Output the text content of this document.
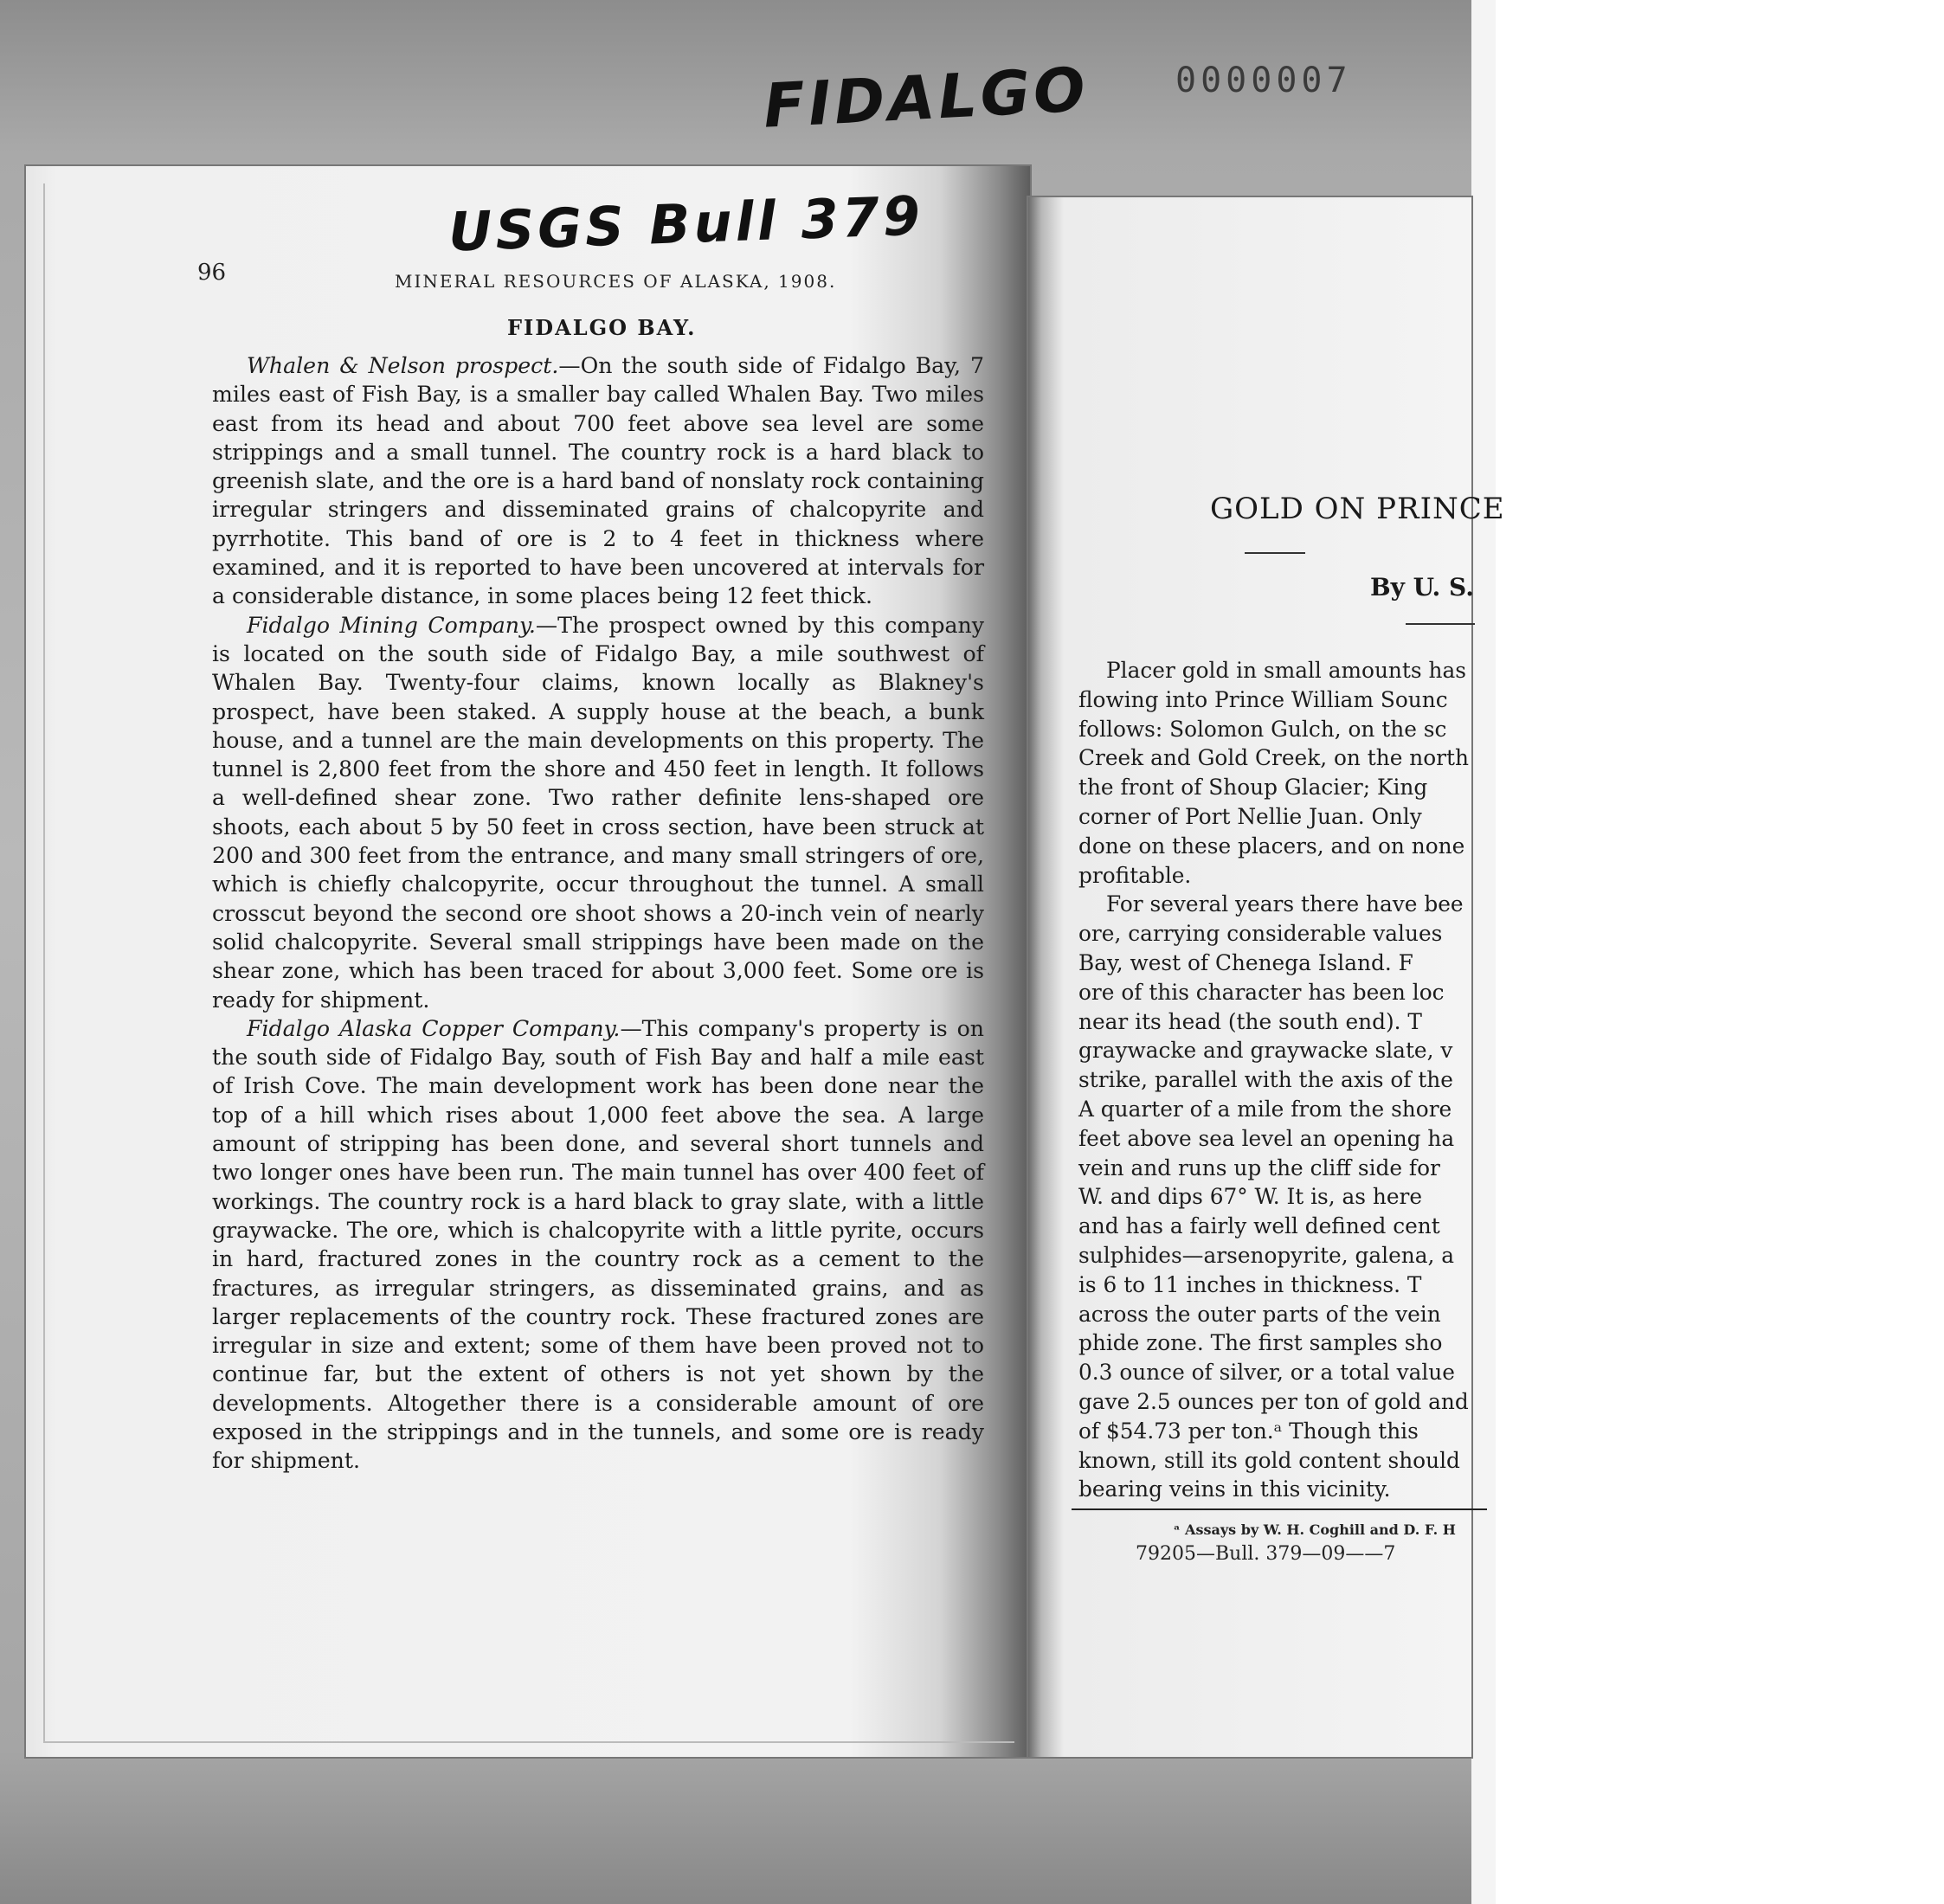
FIDALGO 0000007
USGS Bull 379
96	MINERAL RESOURCES OF ALASKA, 1908.
FIDALGO BAY.

Whalen & Nelson prospect.—On the south side of Fidalgo Bay, 7 miles east of Fish Bay, is a smaller bay called Whalen Bay. Two miles east from its head and about 700 feet above sea level are some strippings and a small tunnel. The country rock is a hard black to greenish slate, and the ore is a hard band of nonslaty rock containing irregular stringers and disseminated grains of chalcopyrite and pyrrhotite. This band of ore is 2 to 4 feet in thickness where examined, and it is reported to have been uncovered at intervals for a considerable distance, in some places being 12 feet thick.

Fidalgo Mining Company.—The prospect owned by this company is located on the south side of Fidalgo Bay, a mile southwest of Whalen Bay. Twenty-four claims, known locally as Blakney's prospect, have been staked. A supply house at the beach, a bunk house, and a tunnel are the main developments on this property. The tunnel is 2,800 feet from the shore and 450 feet in length. It follows a well-defined shear zone. Two rather definite lens-shaped ore shoots, each about 5 by 50 feet in cross section, have been struck at 200 and 300 feet from the entrance, and many small stringers of ore, which is chiefly chalcopyrite, occur throughout the tunnel. A small crosscut beyond the second ore shoot shows a 20-inch vein of nearly solid chalcopyrite. Several small strippings have been made on the shear zone, which has been traced for about 3,000 feet. Some ore is ready for shipment.

Fidalgo Alaska Copper Company.—This company's property is on the south side of Fidalgo Bay, south of Fish Bay and half a mile east of Irish Cove. The main development work has been done near the top of a hill which rises about 1,000 feet above the sea. A large amount of stripping has been done, and several short tunnels and two longer ones have been run. The main tunnel has over 400 feet of workings. The country rock is a hard black to gray slate, with a little graywacke. The ore, which is chalcopyrite with a little pyrite, occurs in hard, fractured zones in the country rock as a cement to the fractures, as irregular stringers, as disseminated grains, and as larger replacements of the country rock. These fractured zones are irregular in size and extent; some of them have been proved not to continue far, but the extent of others is not yet shown by the developments. Altogether there is a considerable amount of ore exposed in the strippings and in the tunnels, and some ore is ready for shipment.

GOLD ON PRINCE
By U. S.
Placer gold in small amounts has
flowing into Prince William Sounc
follows: Solomon Gulch, on the sc
Creek and Gold Creek, on the north
the front of Shoup Glacier; King
corner of Port Nellie Juan. Only
done on these placers, and on none
profitable.
For several years there have bee
ore, carrying considerable values
Bay, west of Chenega Island. F
ore of this character has been loc
near its head (the south end). T
graywacke and graywacke slate, v
strike, parallel with the axis of the
A quarter of a mile from the shore
feet above sea level an opening ha
vein and runs up the cliff side for
W. and dips 67° W. It is, as here
and has a fairly well defined cent
sulphides—arsenopyrite, galena, a
is 6 to 11 inches in thickness. T
across the outer parts of the vein
phide zone. The first samples sho
0.3 ounce of silver, or a total value
gave 2.5 ounces per ton of gold and
of $54.73 per ton.ᵃ Though this
known, still its gold content should
bearing veins in this vicinity.
ᵃ Assays by W. H. Coghill and D. F. H
79205—Bull. 379—09——7
